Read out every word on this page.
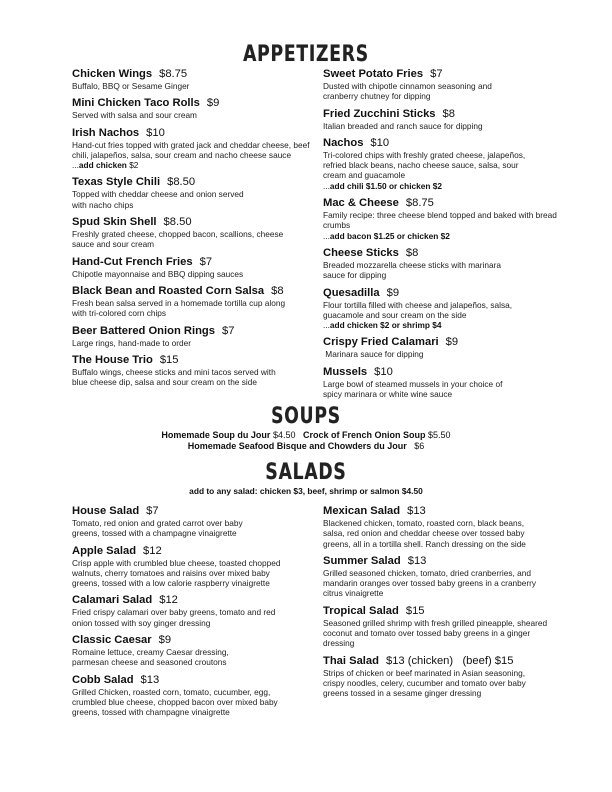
APPETIZERS
Chicken Wings $8.75
Buffalo, BBQ or Sesame Ginger
Mini Chicken Taco Rolls $9
Served with salsa and sour cream
Irish Nachos $10
Hand-cut fries topped with grated jack and cheddar cheese, beef chili, jalapeños, salsa, sour cream and nacho cheese sauce
...add chicken $2
Texas Style Chili $8.50
Topped with cheddar cheese and onion served with nacho chips
Spud Skin Shell $8.50
Freshly grated cheese, chopped bacon, scallions, cheese sauce and sour cream
Hand-Cut French Fries $7
Chipotle mayonnaise and BBQ dipping sauces
Black Bean and Roasted Corn Salsa $8
Fresh bean salsa served in a homemade tortilla cup along with tri-colored corn chips
Beer Battered Onion Rings $7
Large rings, hand-made to order
The House Trio $15
Buffalo wings, cheese sticks and mini tacos served with blue cheese dip, salsa and sour cream on the side
Sweet Potato Fries $7
Dusted with chipotle cinnamon seasoning and cranberry chutney for dipping
Fried Zucchini Sticks $8
Italian breaded and ranch sauce for dipping
Nachos $10
Tri-colored chips with freshly grated cheese, jalapeños, refried black beans, nacho cheese sauce, salsa, sour cream and guacamole
...add chili $1.50 or chicken $2
Mac & Cheese $8.75
Family recipe: three cheese blend topped and baked with bread crumbs
...add bacon $1.25 or chicken $2
Cheese Sticks $8
Breaded mozzarella cheese sticks with marinara sauce for dipping
Quesadilla $9
Flour tortilla filled with cheese and jalapeños, salsa, guacamole and sour cream on the side
...add chicken $2 or shrimp $4
Crispy Fried Calamari $9
Marinara sauce for dipping
Mussels $10
Large bowl of steamed mussels in your choice of spicy marinara or white wine sauce
SOUPS
Homemade Soup du Jour $4.50 Crock of French Onion Soup $5.50
Homemade Seafood Bisque and Chowders du Jour $6
SALADS
add to any salad: chicken $3, beef, shrimp or salmon $4.50
House Salad $7
Tomato, red onion and grated carrot over baby greens, tossed with a champagne vinaigrette
Apple Salad $12
Crisp apple with crumbled blue cheese, toasted chopped walnuts, cherry tomatoes and raisins over mixed baby greens, tossed with a low calorie raspberry vinaigrette
Calamari Salad $12
Fried crispy calamari over baby greens, tomato and red onion tossed with soy ginger dressing
Classic Caesar $9
Romaine lettuce, creamy Caesar dressing, parmesan cheese and seasoned croutons
Cobb Salad $13
Grilled Chicken, roasted corn, tomato, cucumber, egg, crumbled blue cheese, chopped bacon over mixed baby greens, tossed with champagne vinaigrette
Mexican Salad $13
Blackened chicken, tomato, roasted corn, black beans, salsa, red onion and cheddar cheese over tossed baby greens, all in a tortilla shell. Ranch dressing on the side
Summer Salad $13
Grilled seasoned chicken, tomato, dried cranberries, and mandarin oranges over tossed baby greens in a cranberry citrus vinaigrette
Tropical Salad $15
Seasoned grilled shrimp with fresh grilled pineapple, sheared coconut and tomato over tossed baby greens in a ginger dressing
Thai Salad $13 (chicken)   (beef) $15
Strips of chicken or beef marinated in Asian seasoning, crispy noodles, celery, cucumber and tomato over baby greens tossed in a sesame ginger dressing
